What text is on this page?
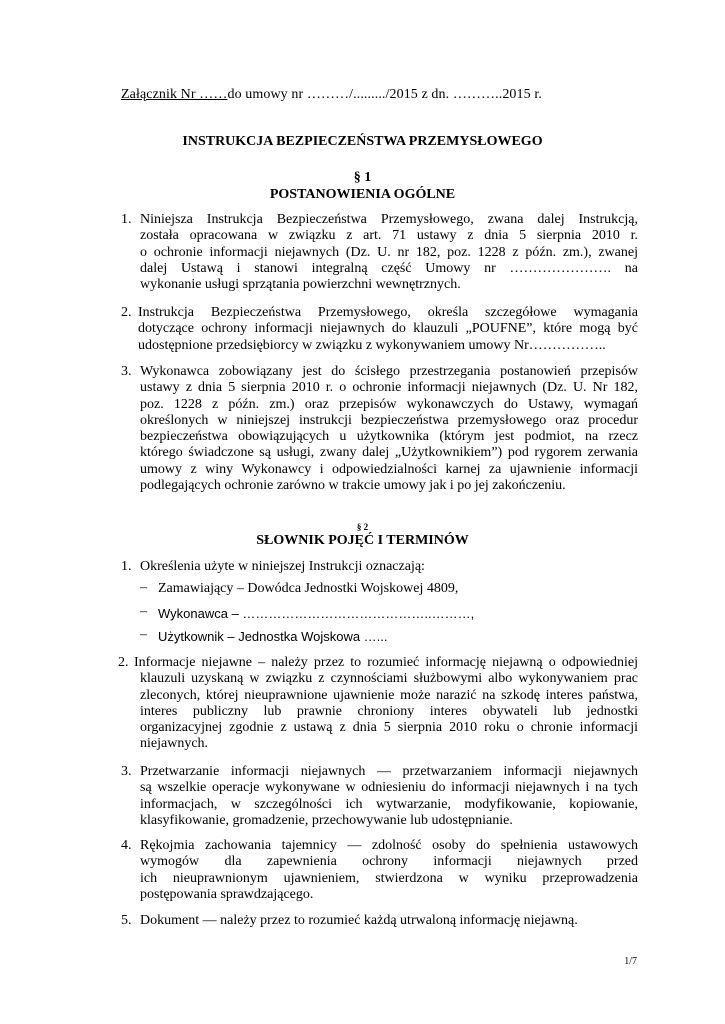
Załącznik Nr ……do umowy nr ………/........./2015 z dn. ………..2015 r.
INSTRUKCJA BEZPIECZEŃSTWA PRZEMYSŁOWEGO
§ 1
POSTANOWIENIA OGÓLNE
1. Niniejsza Instrukcja Bezpieczeństwa Przemysłowego, zwana dalej Instrukcją,
została opracowana w związku z art. 71 ustawy z dnia 5 sierpnia 2010 r.
o ochronie informacji niejawnych (Dz. U. nr 182, poz. 1228 z późn. zm.), zwanej
dalej Ustawą i stanowi integralną część Umowy nr …………………. na
wykonanie usługi sprzątania powierzchni wewnętrznych.
2. Instrukcja Bezpieczeństwa Przemysłowego, określa szczegółowe wymagania
dotyczące ochrony informacji niejawnych do klauzuli „POUFNE”, które mogą być
udostępnione przedsiębiorcy w związku z wykonywaniem umowy Nr……………..
3. Wykonawca zobowiązany jest do ścisłego przestrzegania postanowień przepisów
ustawy z dnia 5 sierpnia 2010 r. o ochronie informacji niejawnych (Dz. U. Nr 182,
poz. 1228 z późn. zm.) oraz przepisów wykonawczych do Ustawy, wymagań
określonych w niniejszej instrukcji bezpieczeństwa przemysłowego oraz procedur
bezpieczeństwa obowiązujących u użytkownika (którym jest podmiot, na rzecz
którego świadczone są usługi, zwany dalej „Użytkownikiem”) pod rygorem zerwania
umowy z winy Wykonawcy i odpowiedzialności karnej za ujawnienie informacji
podlegających ochronie zarówno w trakcie umowy jak i po jej zakończeniu.
§ 2
SŁOWNIK POJĘĆ I TERMINÓW
1. Określenia użyte w niniejszej Instrukcji oznaczają:
– Zamawiający – Dowódca Jednostki Wojskowej 4809,
– Wykonawca – ……………………………………..………,
– Użytkownik – Jednostka Wojskowa …...
2. Informacje niejawne – należy przez to rozumieć informację niejawną o odpowiedniej
klauzuli uzyskaną w związku z czynnościami służbowymi albo wykonywaniem prac
zleconych, której nieuprawnione ujawnienie może narazić na szkodę interes państwa,
interes publiczny lub prawnie chroniony interes obywateli lub jednostki
organizacyjnej zgodnie z ustawą z dnia 5 sierpnia 2010 roku o chronie informacji
niejawnych.
3. Przetwarzanie informacji niejawnych — przetwarzaniem informacji niejawnych
są wszelkie operacje wykonywane w odniesieniu do informacji niejawnych i na tych
informacjach, w szczególności ich wytwarzanie, modyfikowanie, kopiowanie,
klasyfikowanie, gromadzenie, przechowywanie lub udostępnianie.
4. Rękojmia zachowania tajemnicy — zdolność osoby do spełnienia ustawowych
wymogów dla zapewnienia ochrony informacji niejawnych przed
ich nieuprawnionym ujawnieniem, stwierdzona w wyniku przeprowadzenia
postępowania sprawdzającego.
5. Dokument — należy przez to rozumieć każdą utrwaloną informację niejawną.
1/7
